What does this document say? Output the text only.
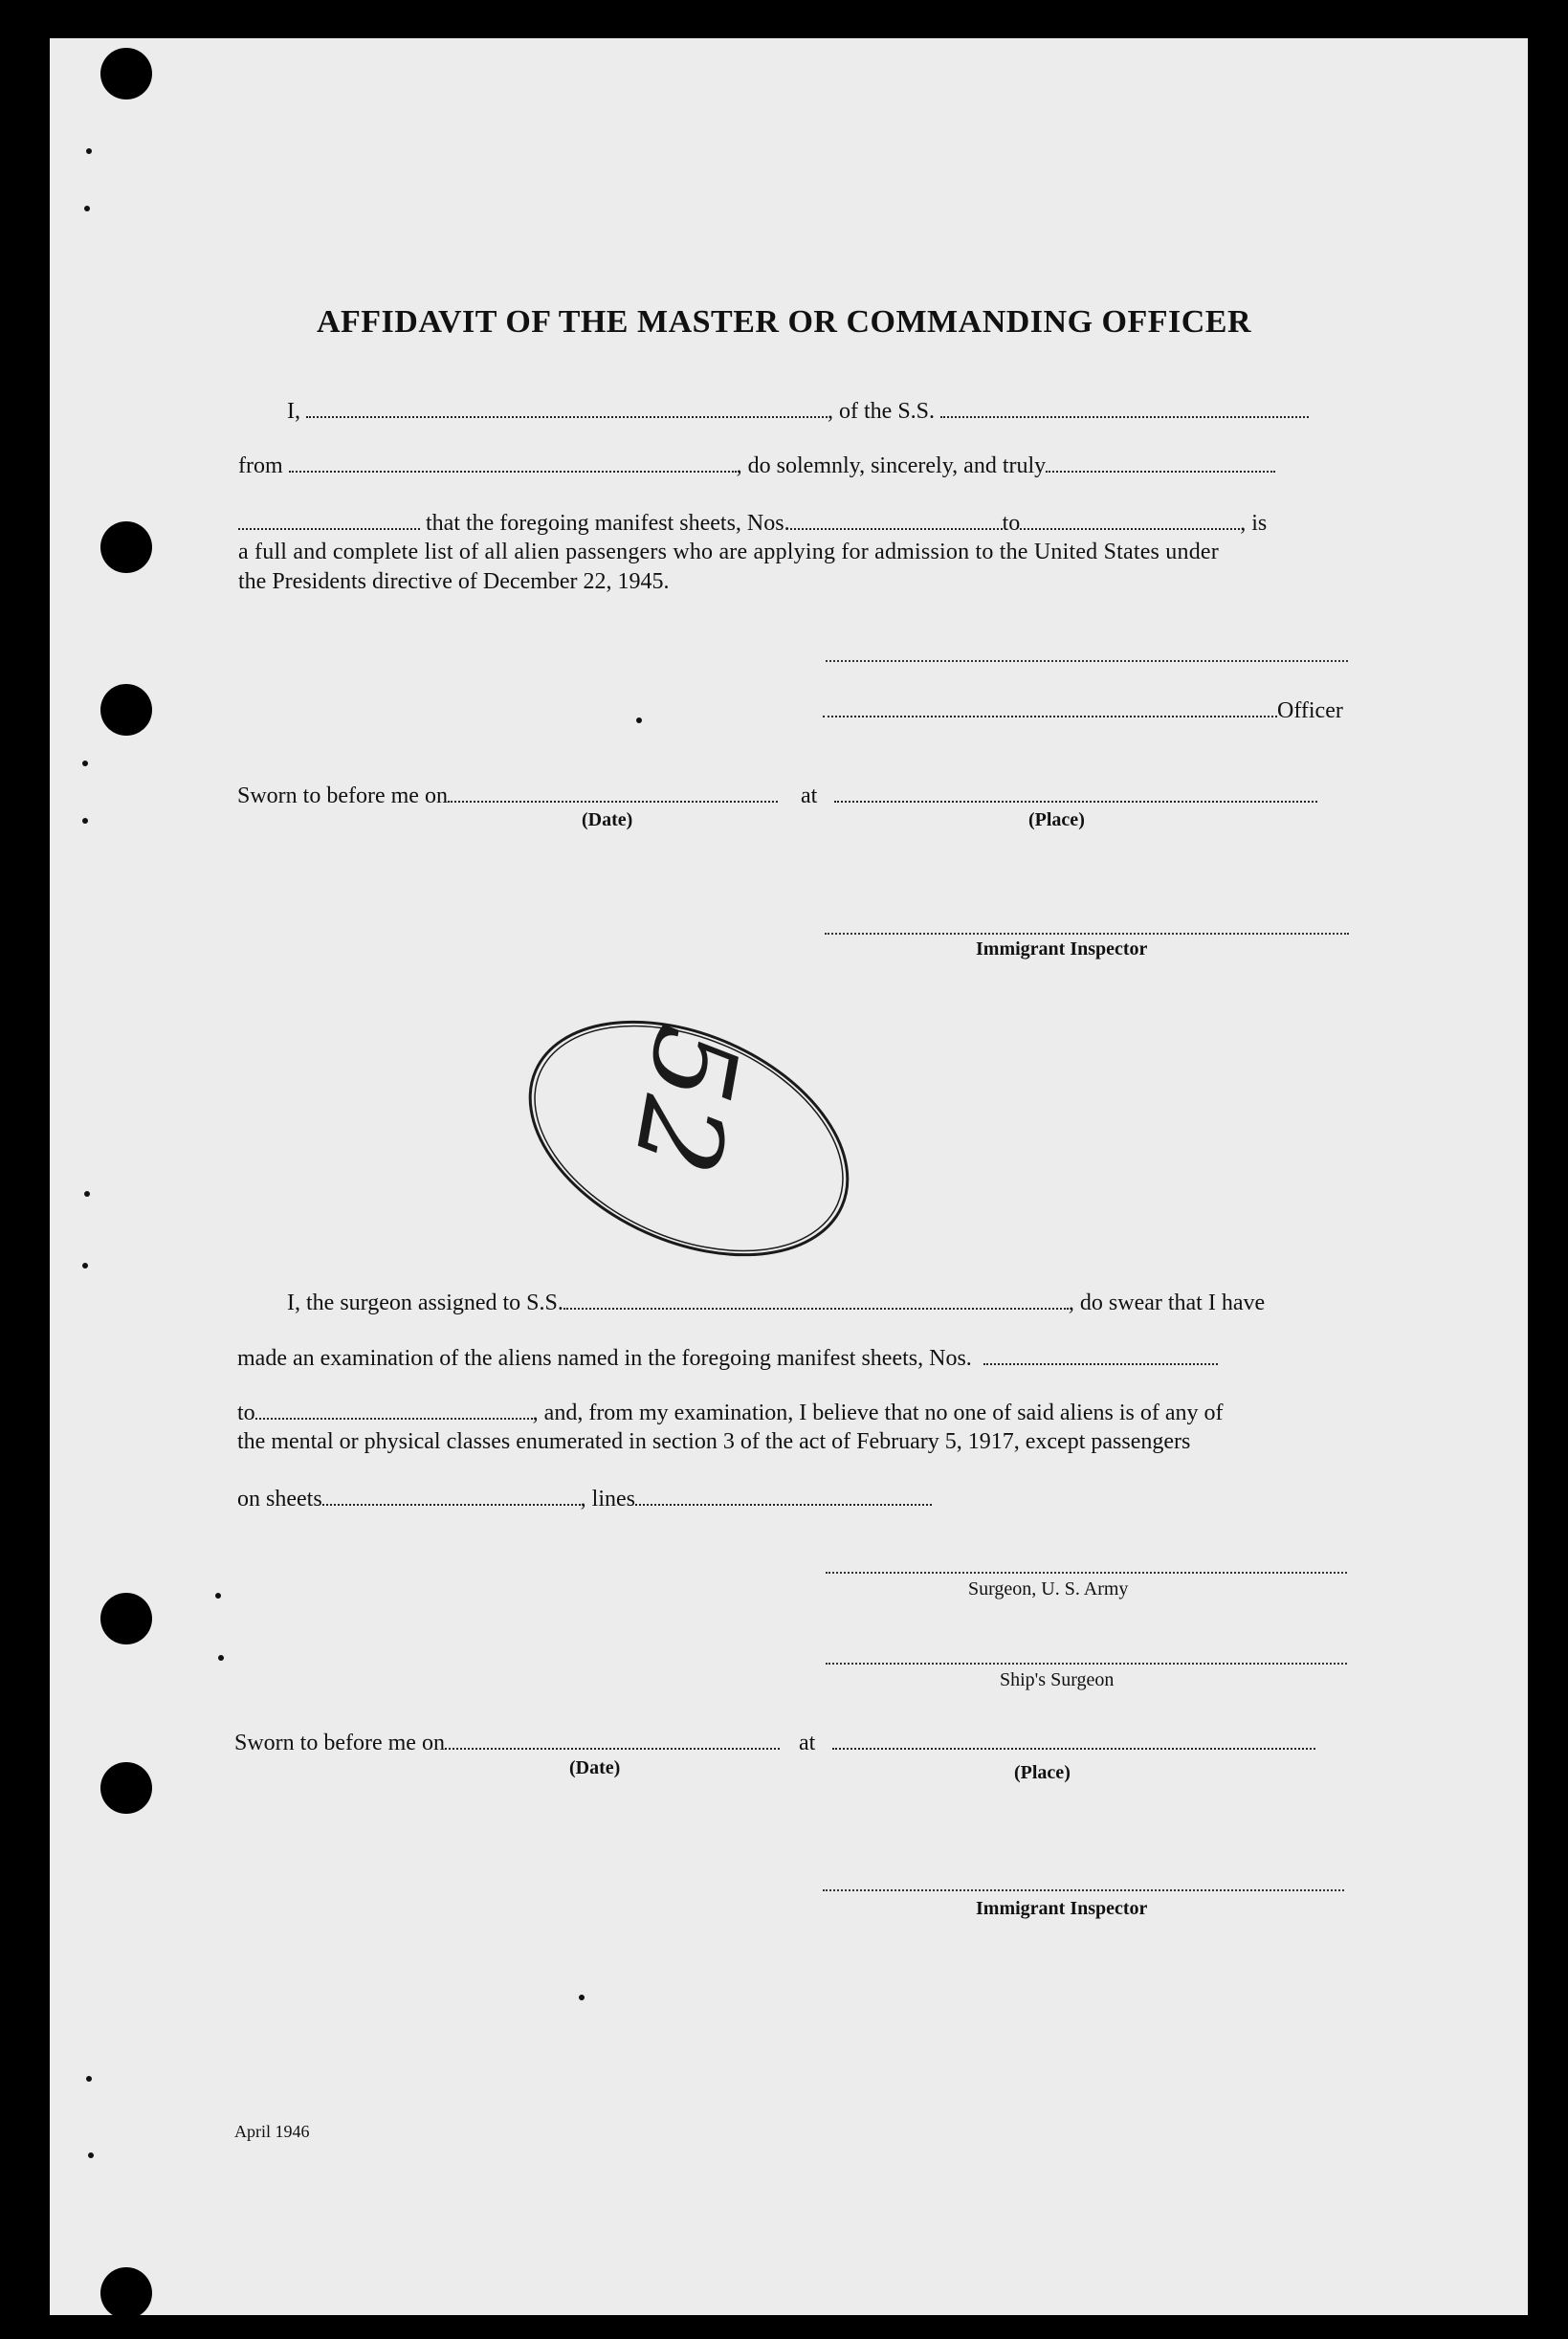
AFFIDAVIT OF THE MASTER OR COMMANDING OFFICER
I,	, of the S.S.
from	, do solemnly, sincerely, and truly
that the foregoing manifest sheets, Nos.	to	, is
a full and complete list of all alien passengers who are applying for admission to the United States under
the Presidents directive of December 22, 1945.
Officer
Sworn to before me on	at
(Date)	(Place)
Immigrant Inspector
52
I, the surgeon assigned to S.S.	, do swear that I have
made an examination of the aliens named in the foregoing manifest sheets, Nos.
to	, and, from my examination, I believe that no one of said aliens is of any of
the mental or physical classes enumerated in section 3 of the act of February 5, 1917, except passengers
on sheets	, lines
Surgeon, U. S. Army
Ship's Surgeon
Sworn to before me on	at
(Date)	(Place)
Immigrant Inspector
April 1946
